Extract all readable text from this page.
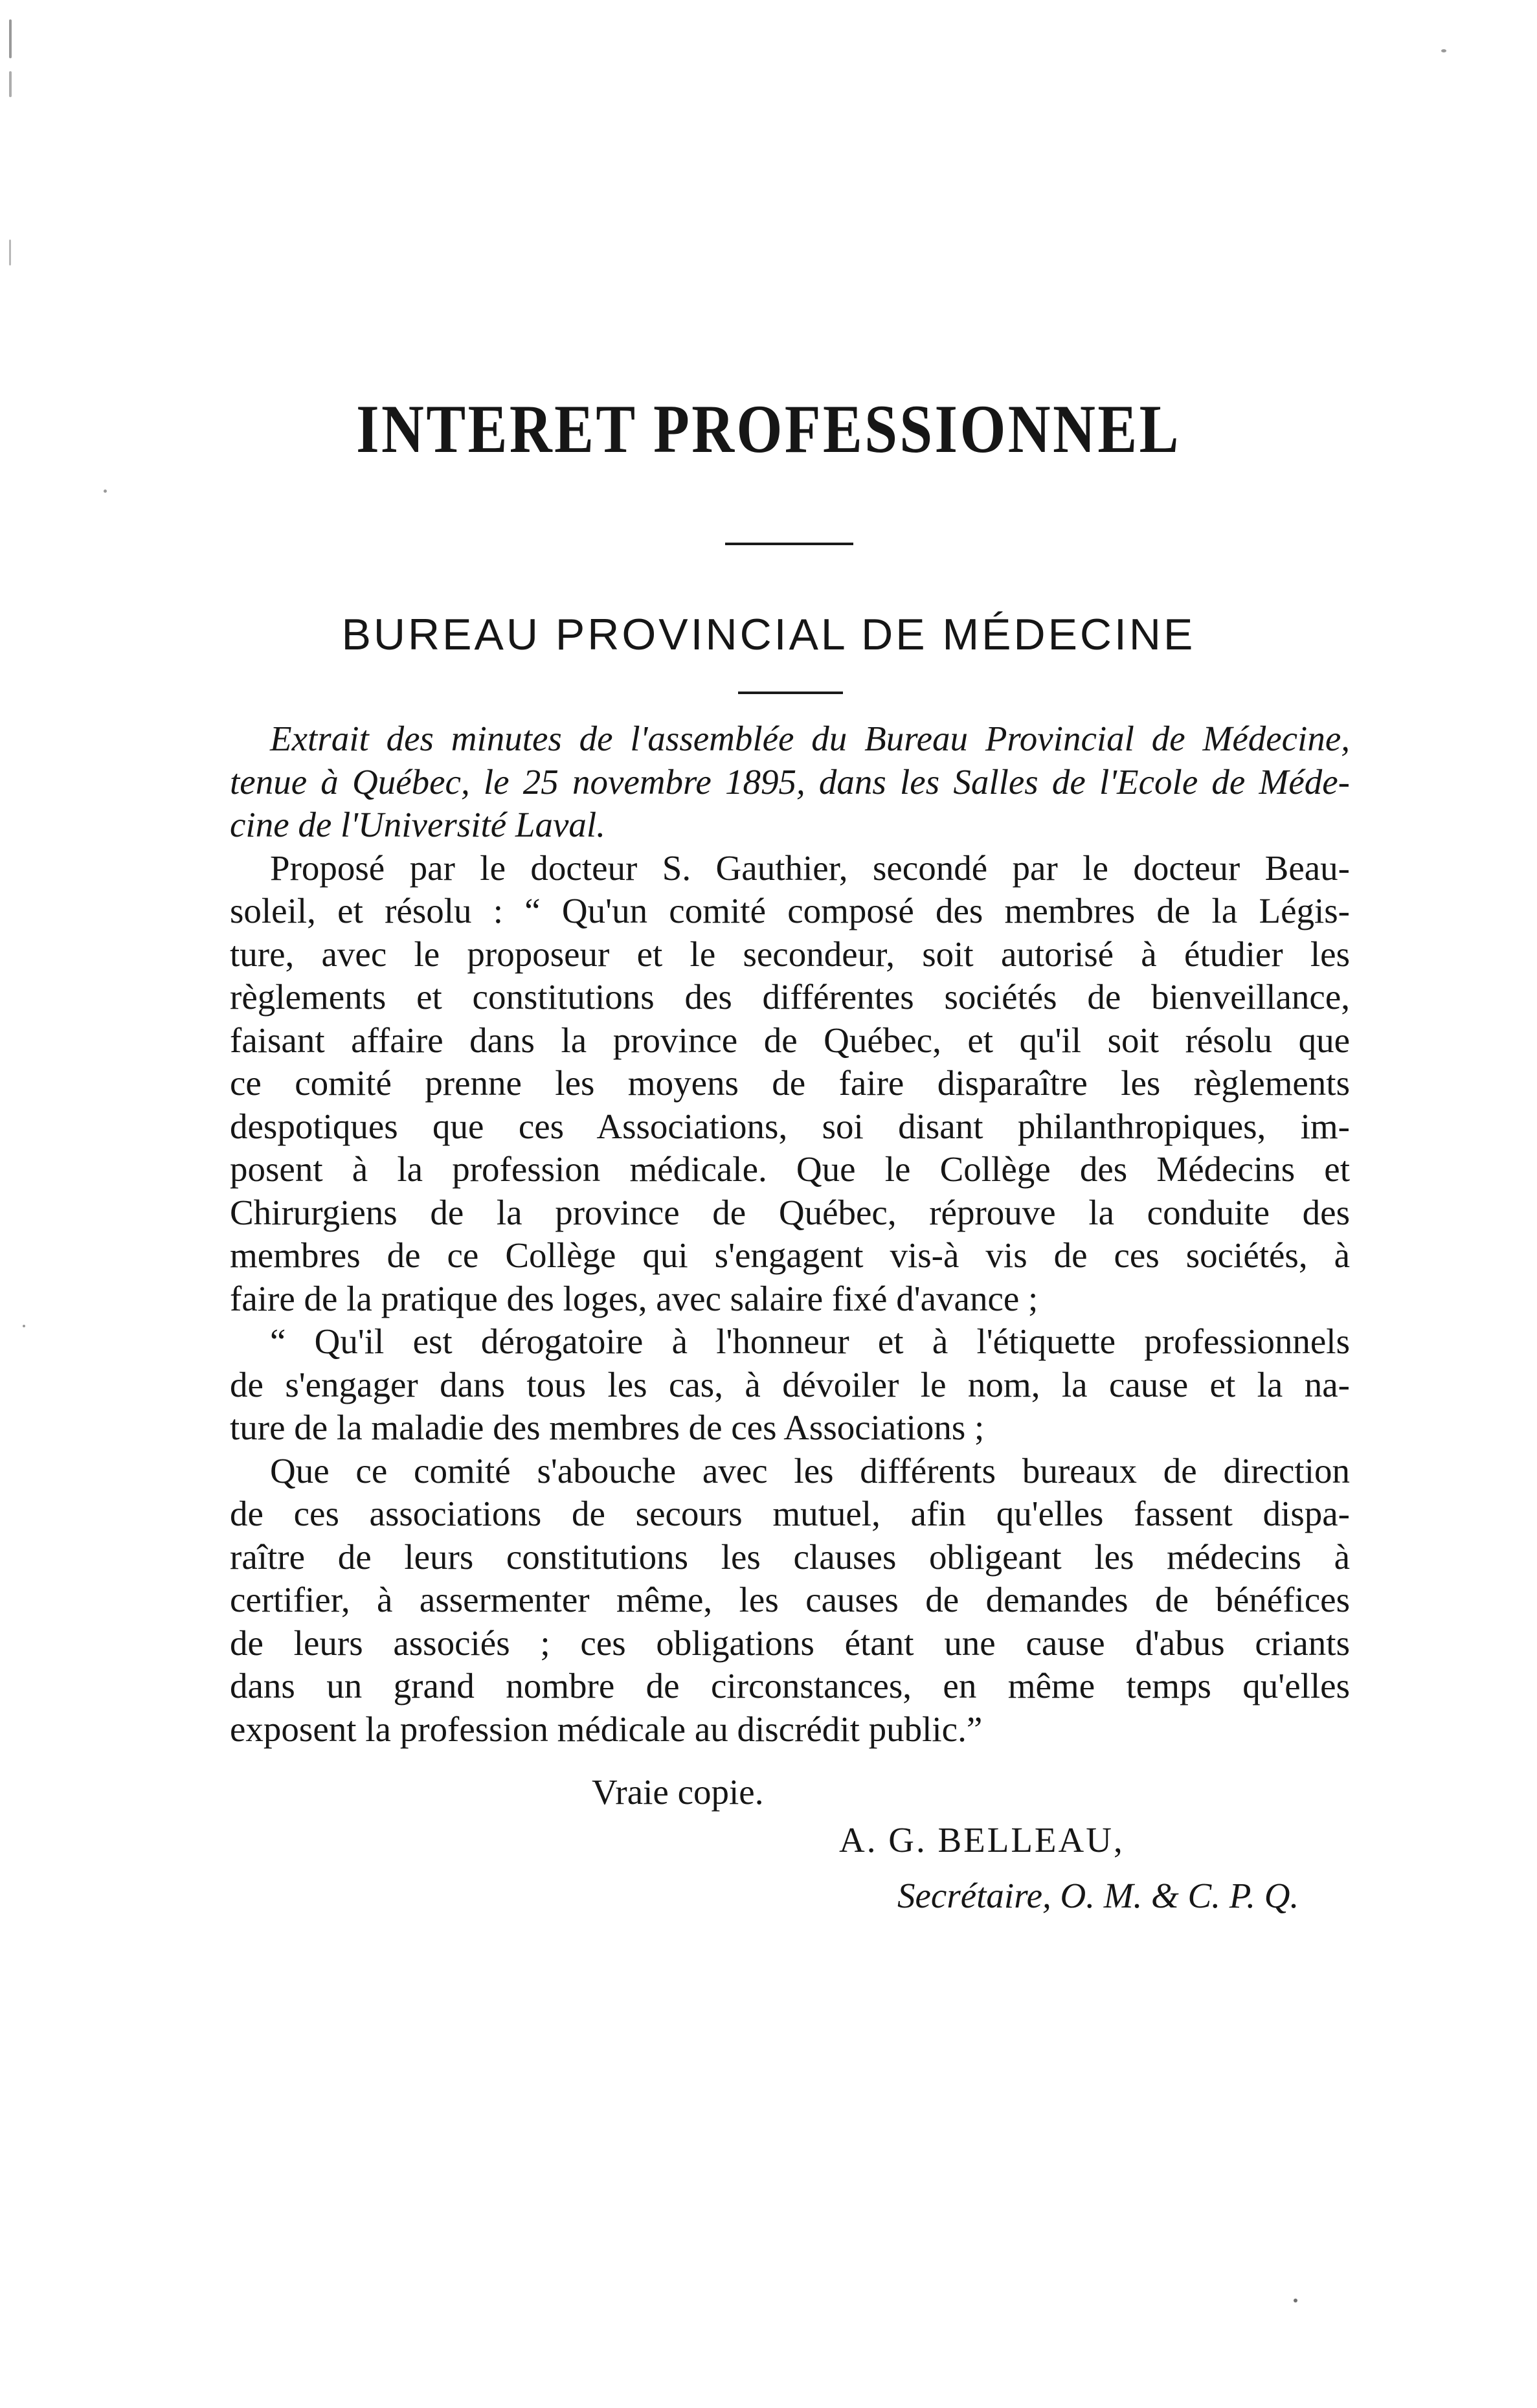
INTERET PROFESSIONNEL
BUREAU PROVINCIAL DE MÉDECINE
Extrait des minutes de l'assemblée du Bureau Provincial de Médecine,
tenue à Québec, le 25 novembre 1895, dans les Salles de l'Ecole de Méde-
cine de l'Université Laval.
Proposé par le docteur S. Gauthier, secondé par le docteur Beau-
soleil, et résolu : “ Qu'un comité composé des membres de la Légis-
ture, avec le proposeur et le secondeur, soit autorisé à étudier les
règlements et constitutions des différentes sociétés de bienveillance,
faisant affaire dans la province de Québec, et qu'il soit résolu que
ce comité prenne les moyens de faire disparaître les règlements
despotiques que ces Associations, soi disant philanthropiques, im-
posent à la profession médicale. Que le Collège des Médecins et
Chirurgiens de la province de Québec, réprouve la conduite des
membres de ce Collège qui s'engagent vis-à vis de ces sociétés, à
faire de la pratique des loges, avec salaire fixé d'avance ;
“ Qu'il est dérogatoire à l'honneur et à l'étiquette professionnels
de s'engager dans tous les cas, à dévoiler le nom, la cause et la na-
ture de la maladie des membres de ces Associations ;
Que ce comité s'abouche avec les différents bureaux de direction
de ces associations de secours mutuel, afin qu'elles fassent dispa-
raître de leurs constitutions les clauses obligeant les médecins à
certifier, à assermenter même, les causes de demandes de bénéfices
de leurs associés ; ces obligations étant une cause d'abus criants
dans un grand nombre de circonstances, en même temps qu'elles
exposent la profession médicale au discrédit public.”
Vraie copie.
A. G. BELLEAU,
Secrétaire, O. M. & C. P. Q.
